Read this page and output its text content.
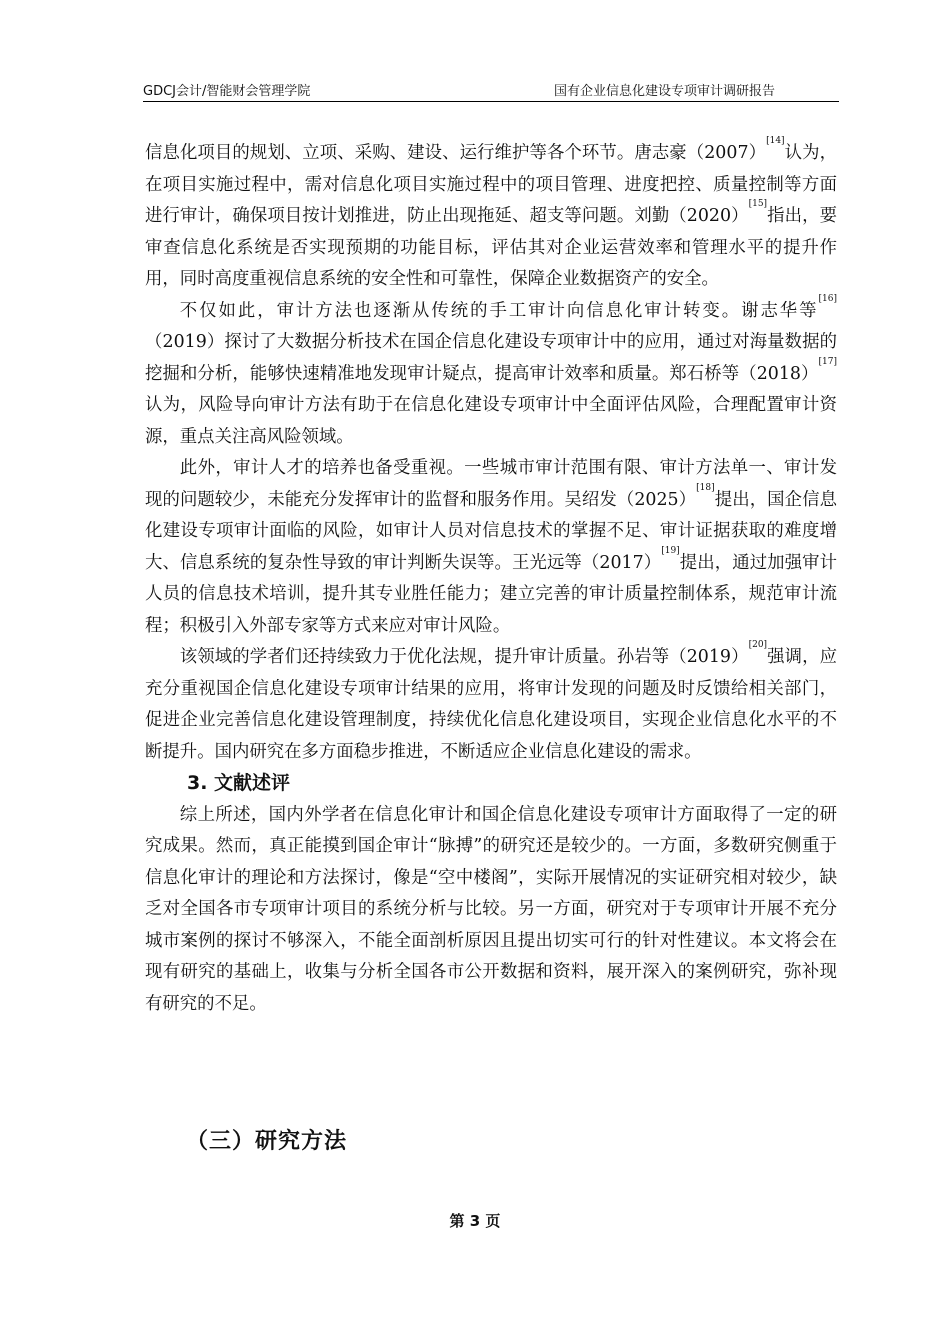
GDCJ会计/智能财会管理学院	国有企业信息化建设专项审计调研报告

信息化项目的规划、立项、采购、建设、运行维护等各个环节。唐志豪（2007）[14]认为，在项目实施过程中，需对信息化项目实施过程中的项目管理、进度把控、质量控制等方面进行审计，确保项目按计划推进，防止出现拖延、超支等问题。刘勤（2020）[15]指出，要审查信息化系统是否实现预期的功能目标，评估其对企业运营效率和管理水平的提升作用，同时高度重视信息系统的安全性和可靠性，保障企业数据资产的安全。

不仅如此，审计方法也逐渐从传统的手工审计向信息化审计转变。谢志华等[16]（2019）探讨了大数据分析技术在国企信息化建设专项审计中的应用，通过对海量数据的挖掘和分析，能够快速精准地发现审计疑点，提高审计效率和质量。郑石桥等（2018）[17]认为，风险导向审计方法有助于在信息化建设专项审计中全面评估风险，合理配置审计资源，重点关注高风险领域。

此外，审计人才的培养也备受重视。一些城市审计范围有限、审计方法单一、审计发现的问题较少，未能充分发挥审计的监督和服务作用。吴绍发（2025）[18]提出，国企信息化建设专项审计面临的风险，如审计人员对信息技术的掌握不足、审计证据获取的难度增大、信息系统的复杂性导致的审计判断失误等。王光远等（2017）[19]提出，通过加强审计人员的信息技术培训，提升其专业胜任能力；建立完善的审计质量控制体系，规范审计流程；积极引入外部专家等方式来应对审计风险。

该领域的学者们还持续致力于优化法规，提升审计质量。孙岩等（2019）[20]强调，应充分重视国企信息化建设专项审计结果的应用，将审计发现的问题及时反馈给相关部门，促进企业完善信息化建设管理制度，持续优化信息化建设项目，实现企业信息化水平的不断提升。国内研究在多方面稳步推进，不断适应企业信息化建设的需求。

3. 文献述评

综上所述，国内外学者在信息化审计和国企信息化建设专项审计方面取得了一定的研究成果。然而，真正能摸到国企审计“脉搏”的研究还是较少的。一方面，多数研究侧重于信息化审计的理论和方法探讨，像是“空中楼阁”，实际开展情况的实证研究相对较少，缺乏对全国各市专项审计项目的系统分析与比较。另一方面，研究对于专项审计开展不充分城市案例的探讨不够深入，不能全面剖析原因且提出切实可行的针对性建议。本文将会在现有研究的基础上，收集与分析全国各市公开数据和资料，展开深入的案例研究，弥补现有研究的不足。

（三）研究方法
第 3 页
